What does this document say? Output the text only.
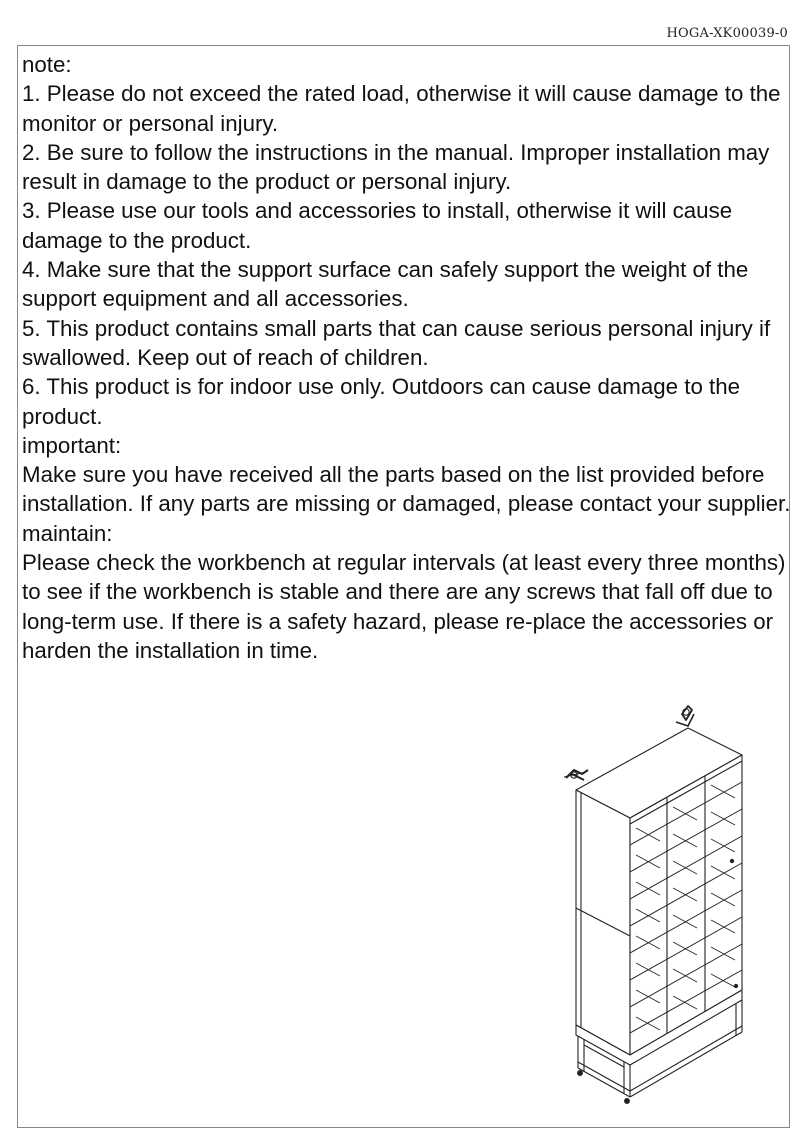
HOGA-XK00039-0

note:

1. Please do not exceed the rated load, otherwise it will cause damage to the monitor or personal injury.

2. Be sure to follow the instructions in the manual. Improper installation may result in damage to the product or personal injury.

3. Please use our tools and accessories to install, otherwise it will cause damage to the product.

4. Make sure that the support surface can safely support the weight of the support equipment and all accessories.

5. This product contains small parts that can cause serious personal injury if swallowed. Keep out of reach of children.

6. This product is for indoor use only. Outdoors can cause damage to the product.

important:

Make sure you have received all the parts based on the list provided before installation. If any parts are missing or damaged, please contact your supplier.

maintain:

Please check the workbench at regular intervals (at least every three months) to see if the workbench is stable and there are any screws that fall off due to long-term use. If there is a safety hazard, please re-place the accessories or harden the installation in time.
